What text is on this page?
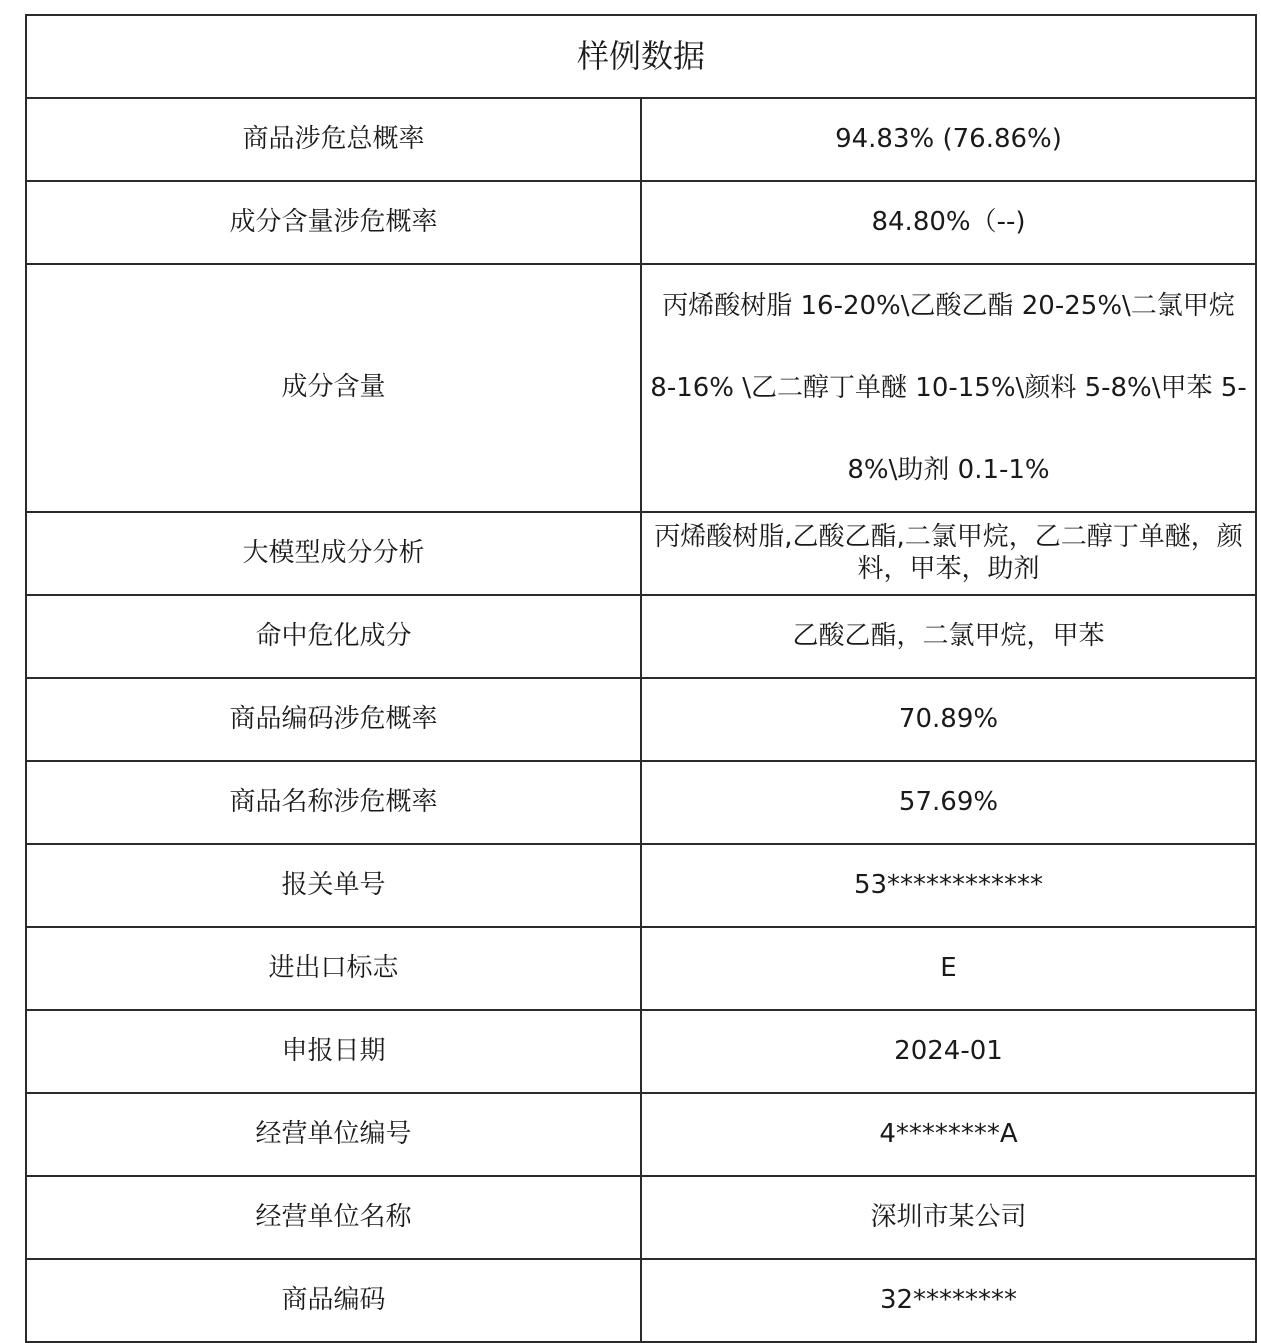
样例数据	
商品涉危总概率	94.83% (76.86%)
成分含量涉危概率	84.80%（--)
成分含量	丙烯酸树脂 16-20%\乙酸乙酯 20-25%\二氯甲烷 8-16% \乙二醇丁单醚 10-15%\颜料 5-8%\甲苯 5-8%\助剂 0.1-1%
大模型成分分析	丙烯酸树脂,乙酸乙酯,二氯甲烷，乙二醇丁单醚，颜料，甲苯，助剂
命中危化成分	乙酸乙酯，二氯甲烷，甲苯
商品编码涉危概率	70.89%
商品名称涉危概率	57.69%
报关单号	53************
进出口标志	E
申报日期	2024-01
经营单位编号	4********A
经营单位名称	深圳市某公司
商品编码	32********
